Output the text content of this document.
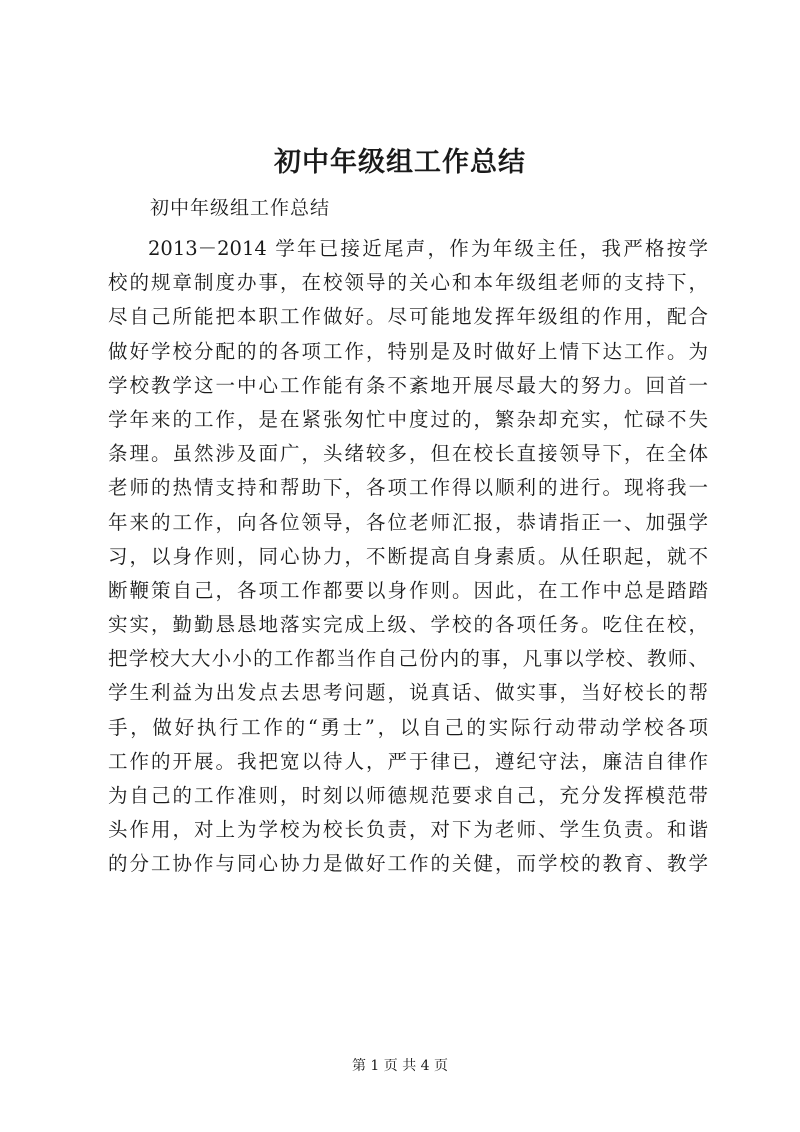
初中年级组工作总结
初中年级组工作总结
2013－2014 学年已接近尾声，作为年级主任，我严格按学
校的规章制度办事，在校领导的关心和本年级组老师的支持下，
尽自己所能把本职工作做好。尽可能地发挥年级组的作用，配合
做好学校分配的的各项工作，特别是及时做好上情下达工作。为
学校教学这一中心工作能有条不紊地开展尽最大的努力。回首一
学年来的工作，是在紧张匆忙中度过的，繁杂却充实，忙碌不失
条理。虽然涉及面广，头绪较多，但在校长直接领导下，在全体
老师的热情支持和帮助下，各项工作得以顺利的进行。现将我一
年来的工作，向各位领导，各位老师汇报，恭请指正一、加强学
习，以身作则，同心协力，不断提高自身素质。从任职起，就不
断鞭策自己，各项工作都要以身作则。因此，在工作中总是踏踏
实实，勤勤恳恳地落实完成上级、学校的各项任务。吃住在校，
把学校大大小小的工作都当作自己份内的事，凡事以学校、教师、
学生利益为出发点去思考问题，说真话、做实事，当好校长的帮
手，做好执行工作的“勇士”，以自己的实际行动带动学校各项
工作的开展。我把宽以待人，严于律已，遵纪守法，廉洁自律作
为自己的工作准则，时刻以师德规范要求自己，充分发挥模范带
头作用，对上为学校为校长负责，对下为老师、学生负责。和谐
的分工协作与同心协力是做好工作的关健，而学校的教育、教学
第 1 页 共 4 页
